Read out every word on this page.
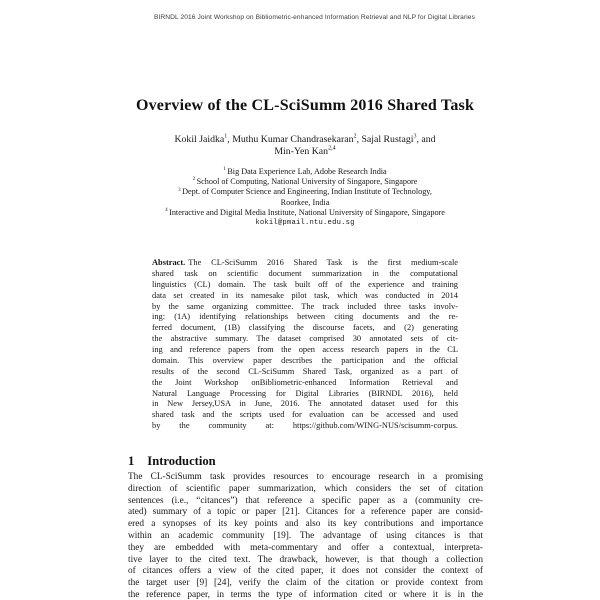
BIRNDL 2016 Joint Workshop on Bibliometric-enhanced Information Retrieval and NLP for Digital Libraries
Overview of the CL-SciSumm 2016 Shared Task
Kokil Jaidka$^1$, Muthu Kumar Chandrasekaran$^2$, Sajal Rustagi$^3$, and
Min-Yen Kan$^{2,4}$
$^1$ Big Data Experience Lab, Adobe Research India
$^2$ School of Computing, National University of Singapore, Singapore
$^3$ Dept. of Computer Science and Engineering, Indian Institute of Technology,
Roorkee, India
$^4$ Interactive and Digital Media Institute, National University of Singapore, Singapore
kokil@pmail.ntu.edu.sg
Abstract. The CL-SciSumm 2016 Shared Task is the first medium-scale
shared task on scientific document summarization in the computational
linguistics (CL) domain. The task built off of the experience and training
data set created in its namesake pilot task, which was conducted in 2014
by the same organizing committee. The track included three tasks involv-
ing: (1A) identifying relationships between citing documents and the re-
ferred document, (1B) classifying the discourse facets, and (2) generating
the abstractive summary. The dataset comprised 30 annotated sets of cit-
ing and reference papers from the open access research papers in the CL
domain. This overview paper describes the participation and the official
results of the second CL-SciSumm Shared Task, organized as a part of
the Joint Workshop onBibliometric-enhanced Information Retrieval and
Natural Language Processing for Digital Libraries (BIRNDL 2016), held
in New Jersey,USA in June, 2016. The annotated dataset used for this
shared task and the scripts used for evaluation can be accessed and used
by the community at: https://github.com/WING-NUS/scisumm-corpus.
1 Introduction
The CL-SciSumm task provides resources to encourage research in a promising
direction of scientific paper summarization, which considers the set of citation
sentences (i.e., “citances”) that reference a specific paper as a (community cre-
ated) summary of a topic or paper [21]. Citances for a reference paper are consid-
ered a synopses of its key points and also its key contributions and importance
within an academic community [19]. The advantage of using citances is that
they are embedded with meta-commentary and offer a contextual, interpreta-
tive layer to the cited text. The drawback, however, is that though a collection
of citances offers a view of the cited paper, it does not consider the context of
the target user [9] [24], verify the claim of the citation or provide context from
the reference paper, in terms the type of information cited or where it is in the
